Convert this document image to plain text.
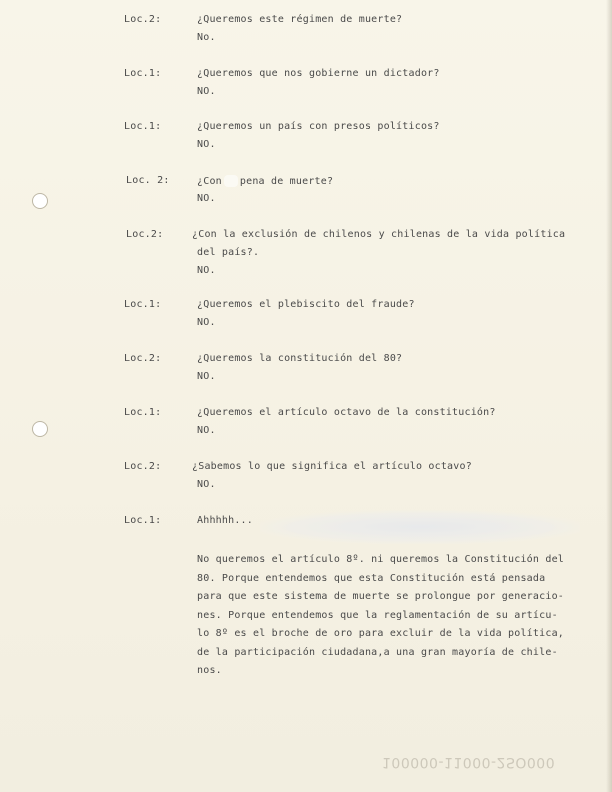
Loc.2:	¿Queremos este régimen de muerte?
No.
Loc.1:	¿Queremos que nos gobierne un dictador?
NO.
Loc.1:	¿Queremos un país con presos políticos?
NO.
Loc. 2:	¿Con pena de muerte?
NO.
Loc.2:	¿Con la exclusión de chilenos y chilenas de la vida política
del país?.
NO.
Loc.1:	¿Queremos el plebiscito del fraude?
NO.
Loc.2:	¿Queremos la constitución del 80?
NO.
Loc.1:	¿Queremos el artículo octavo de la constitución?
NO.
Loc.2:	¿Sabemos lo que significa el artículo octavo?
NO.
Loc.1:	Ahhhhh...
No queremos el artículo 8º. ni queremos la Constitución del
80. Porque entendemos que esta Constitución está pensada
para que este sistema de muerte se prolongue por generacio-
nes. Porque entendemos que la reglamentación de su artícu-
lo 8º es el broche de oro para excluir de la vida política,
de la participación ciudadana,a una gran mayoría de chile-
nos.
100000-11000-2SO000
